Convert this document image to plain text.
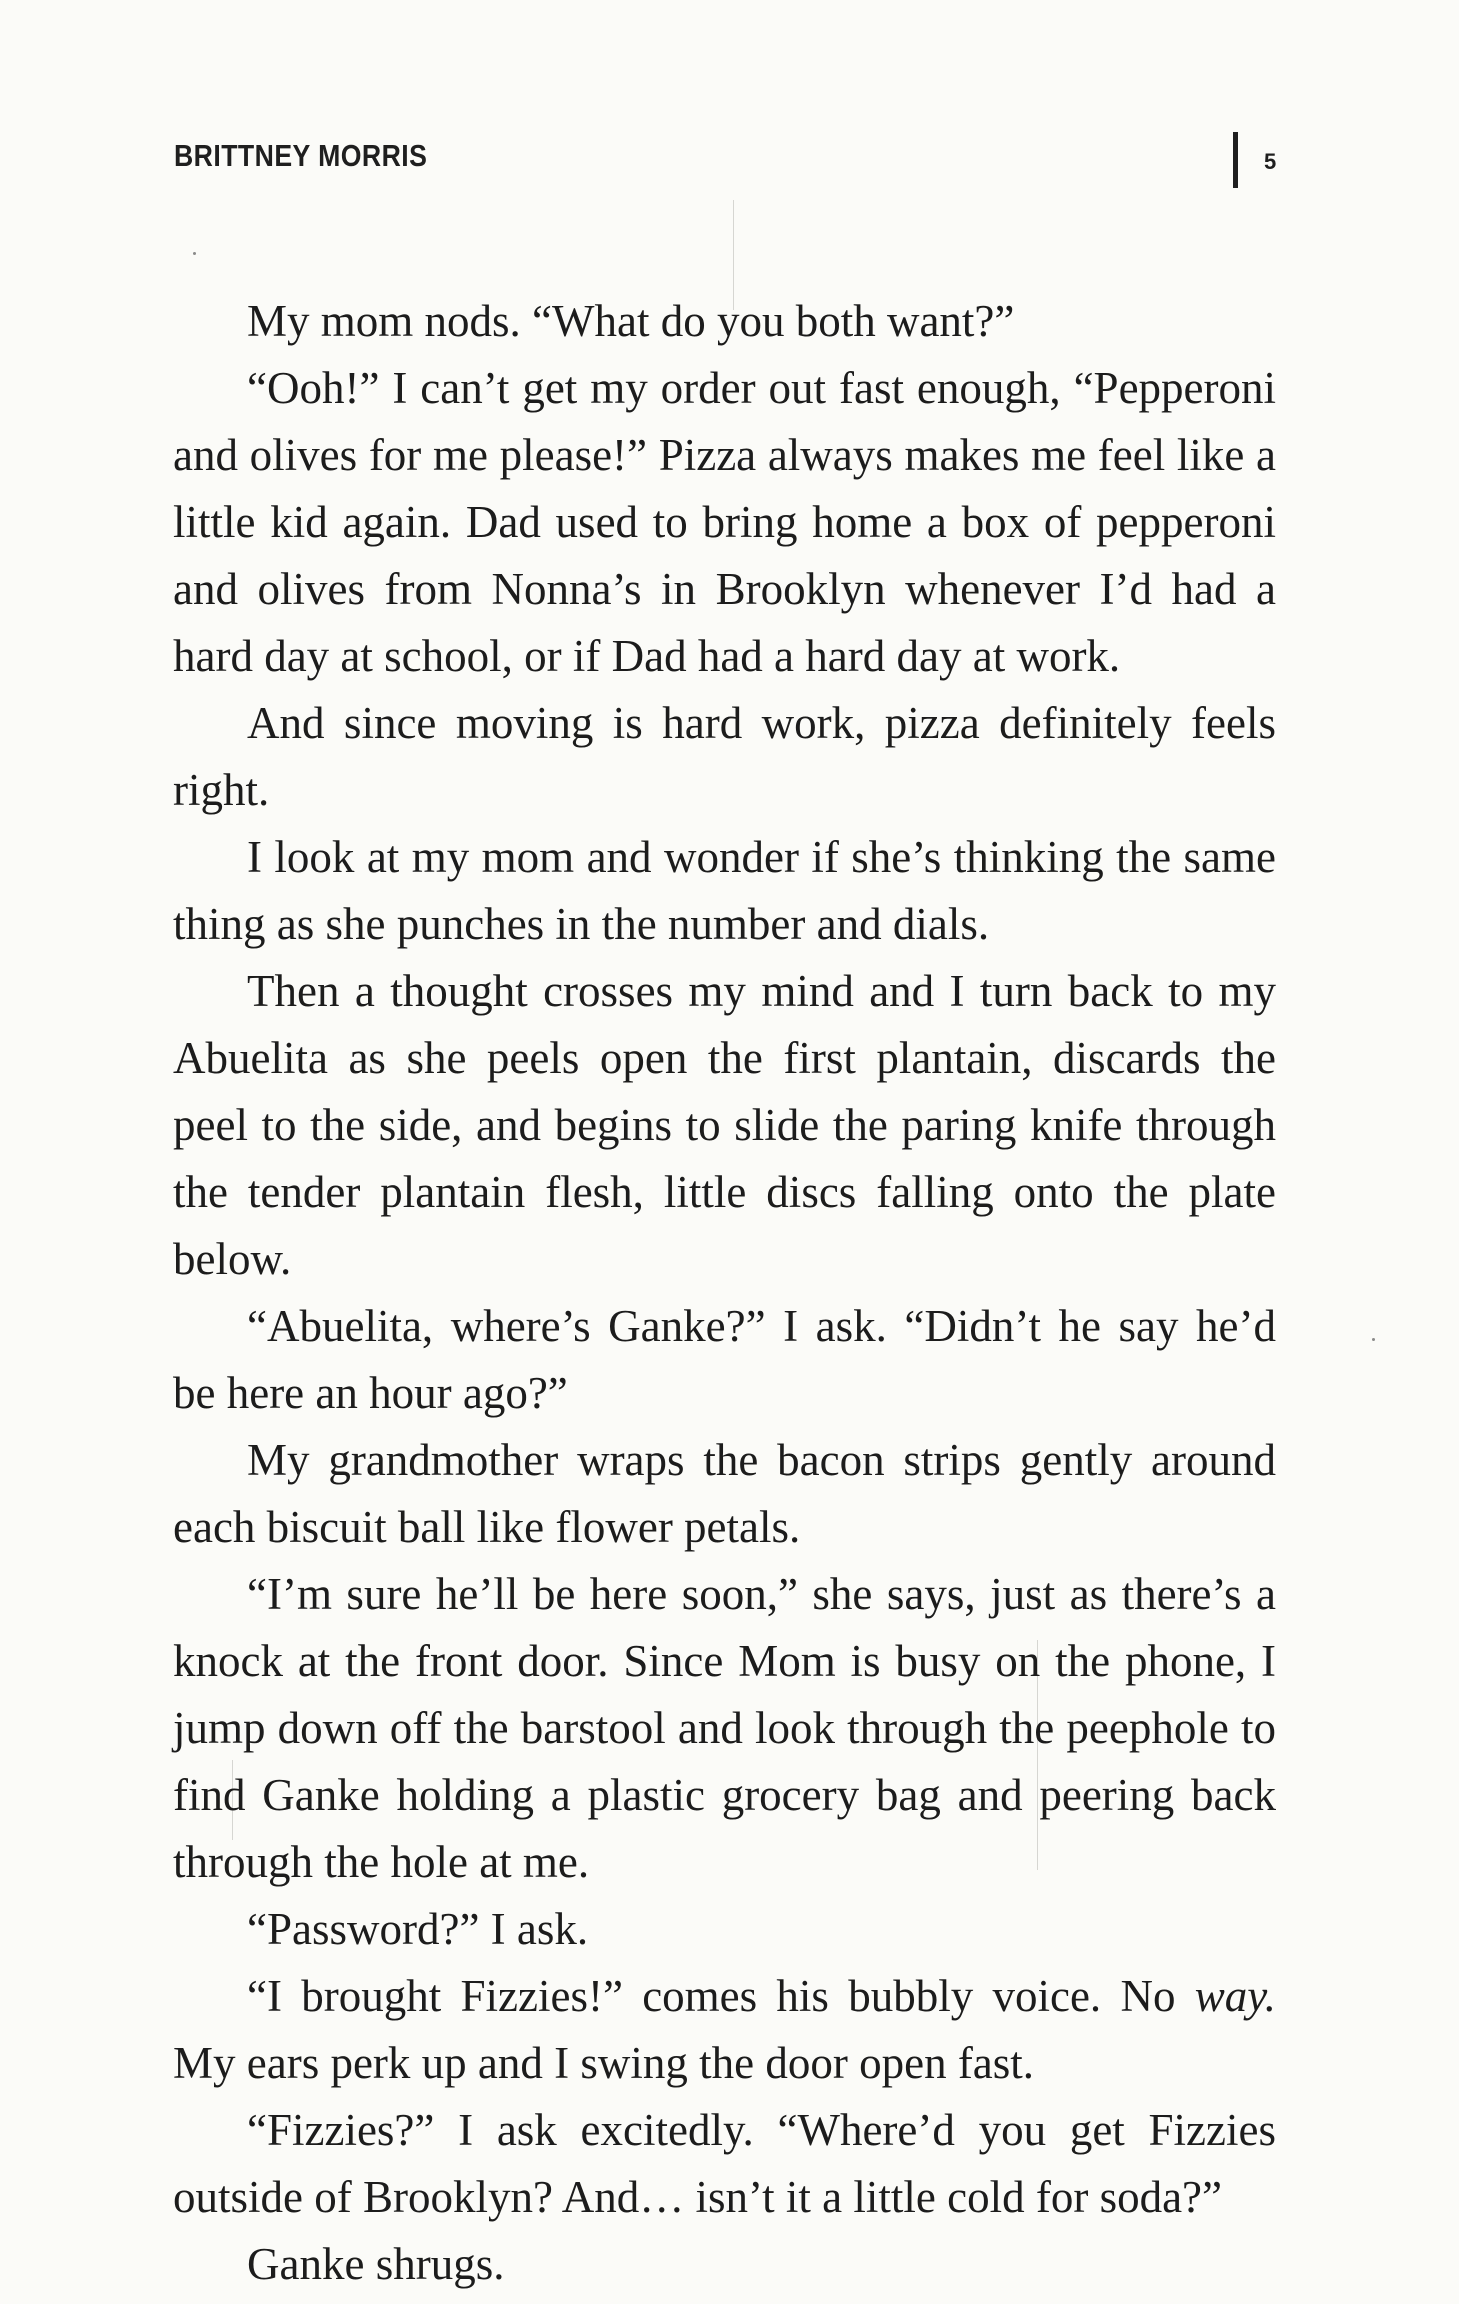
BRITTNEY MORRIS	5

My mom nods. “What do you both want?”

“Ooh!” I can’t get my order out fast enough, “Pepperoni and olives for me please!” Pizza always makes me feel like a little kid again. Dad used to bring home a box of pepperoni and olives from Nonna’s in Brooklyn whenever I’d had a hard day at school, or if Dad had a hard day at work.

And since moving is hard work, pizza definitely feels right.

I look at my mom and wonder if she’s thinking the same thing as she punches in the number and dials.

Then a thought crosses my mind and I turn back to my Abuelita as she peels open the first plantain, discards the peel to the side, and begins to slide the paring knife through the tender plantain flesh, little discs falling onto the plate below.

“Abuelita, where’s Ganke?” I ask. “Didn’t he say he’d be here an hour ago?”

My grandmother wraps the bacon strips gently around each biscuit ball like flower petals.

“I’m sure he’ll be here soon,” she says, just as there’s a knock at the front door. Since Mom is busy on the phone, I jump down off the barstool and look through the peephole to find Ganke holding a plastic grocery bag and peering back through the hole at me.

“Password?” I ask.

“I brought Fizzies!” comes his bubbly voice. No way. My ears perk up and I swing the door open fast.

“Fizzies?” I ask excitedly. “Where’d you get Fizzies outside of Brooklyn? And… isn’t it a little cold for soda?”

Ganke shrugs.
